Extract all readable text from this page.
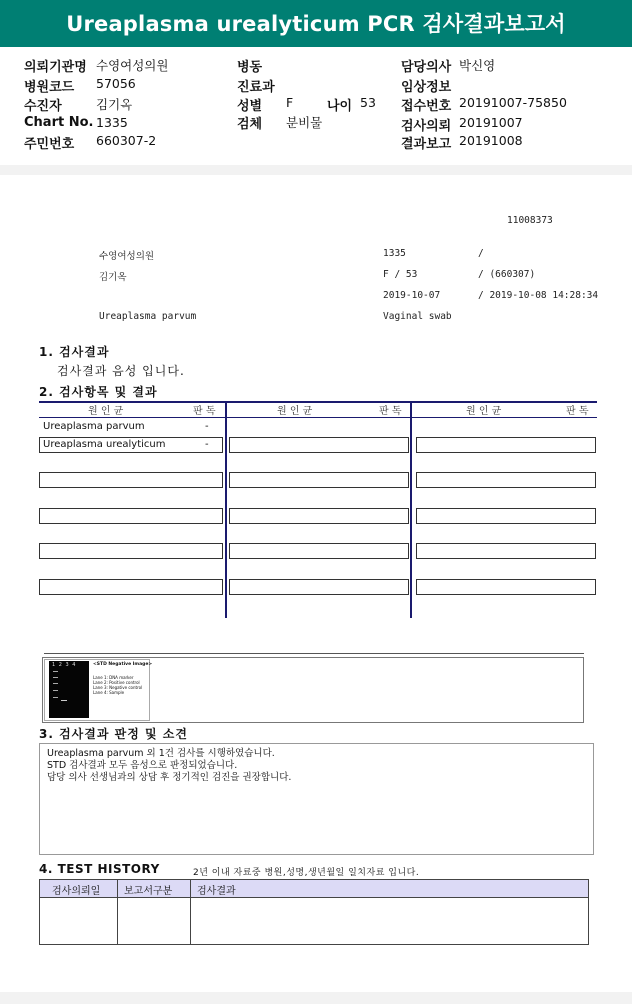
Ureaplasma urealyticum PCR 검사결과보고서
의뢰기관명 수영여성의원
병원코드 57056
수진자	김기옥
Chart No. 1335
주민번호 660307-2
병동
진료과
성별 F	나이 53
검체 분비물
담당의사 박신영
임상정보
접수번호 20191007-75850
검사의뢰 20191007
결과보고 20191008
11008373
수영여성의원	1335	/
김기옥	F / 53	/ (660307)
2019-10-07	/ 2019-10-08 14:28:34
Ureaplasma parvum	Vaginal swab
1. 검사결과
검사결과 음성 입니다.
2. 검사항목 및 결과
원 인 균	판 독	원 인 균	판 독	원 인 균	판 독
Ureaplasma parvum	-
Ureaplasma urealyticum	-
1 2 3 4	<STD Negative Image>
Lane 1: DNA marker
Lane 2: Positive control
Lane 3: Negative control
Lane 4: Sample
3. 검사결과 판정 및 소견
Ureaplasma parvum 외 1건 검사를 시행하였습니다.
STD 검사결과 모두 음성으로 판정되었습니다.
담당 의사 선생님과의 상담 후 정기적인 검진을 권장합니다.
4. TEST HISTORY	2년 이내 자료중 병원,성명,생년월일 일치자료 입니다.
검사의뢰일 보고서구분 검사결과
